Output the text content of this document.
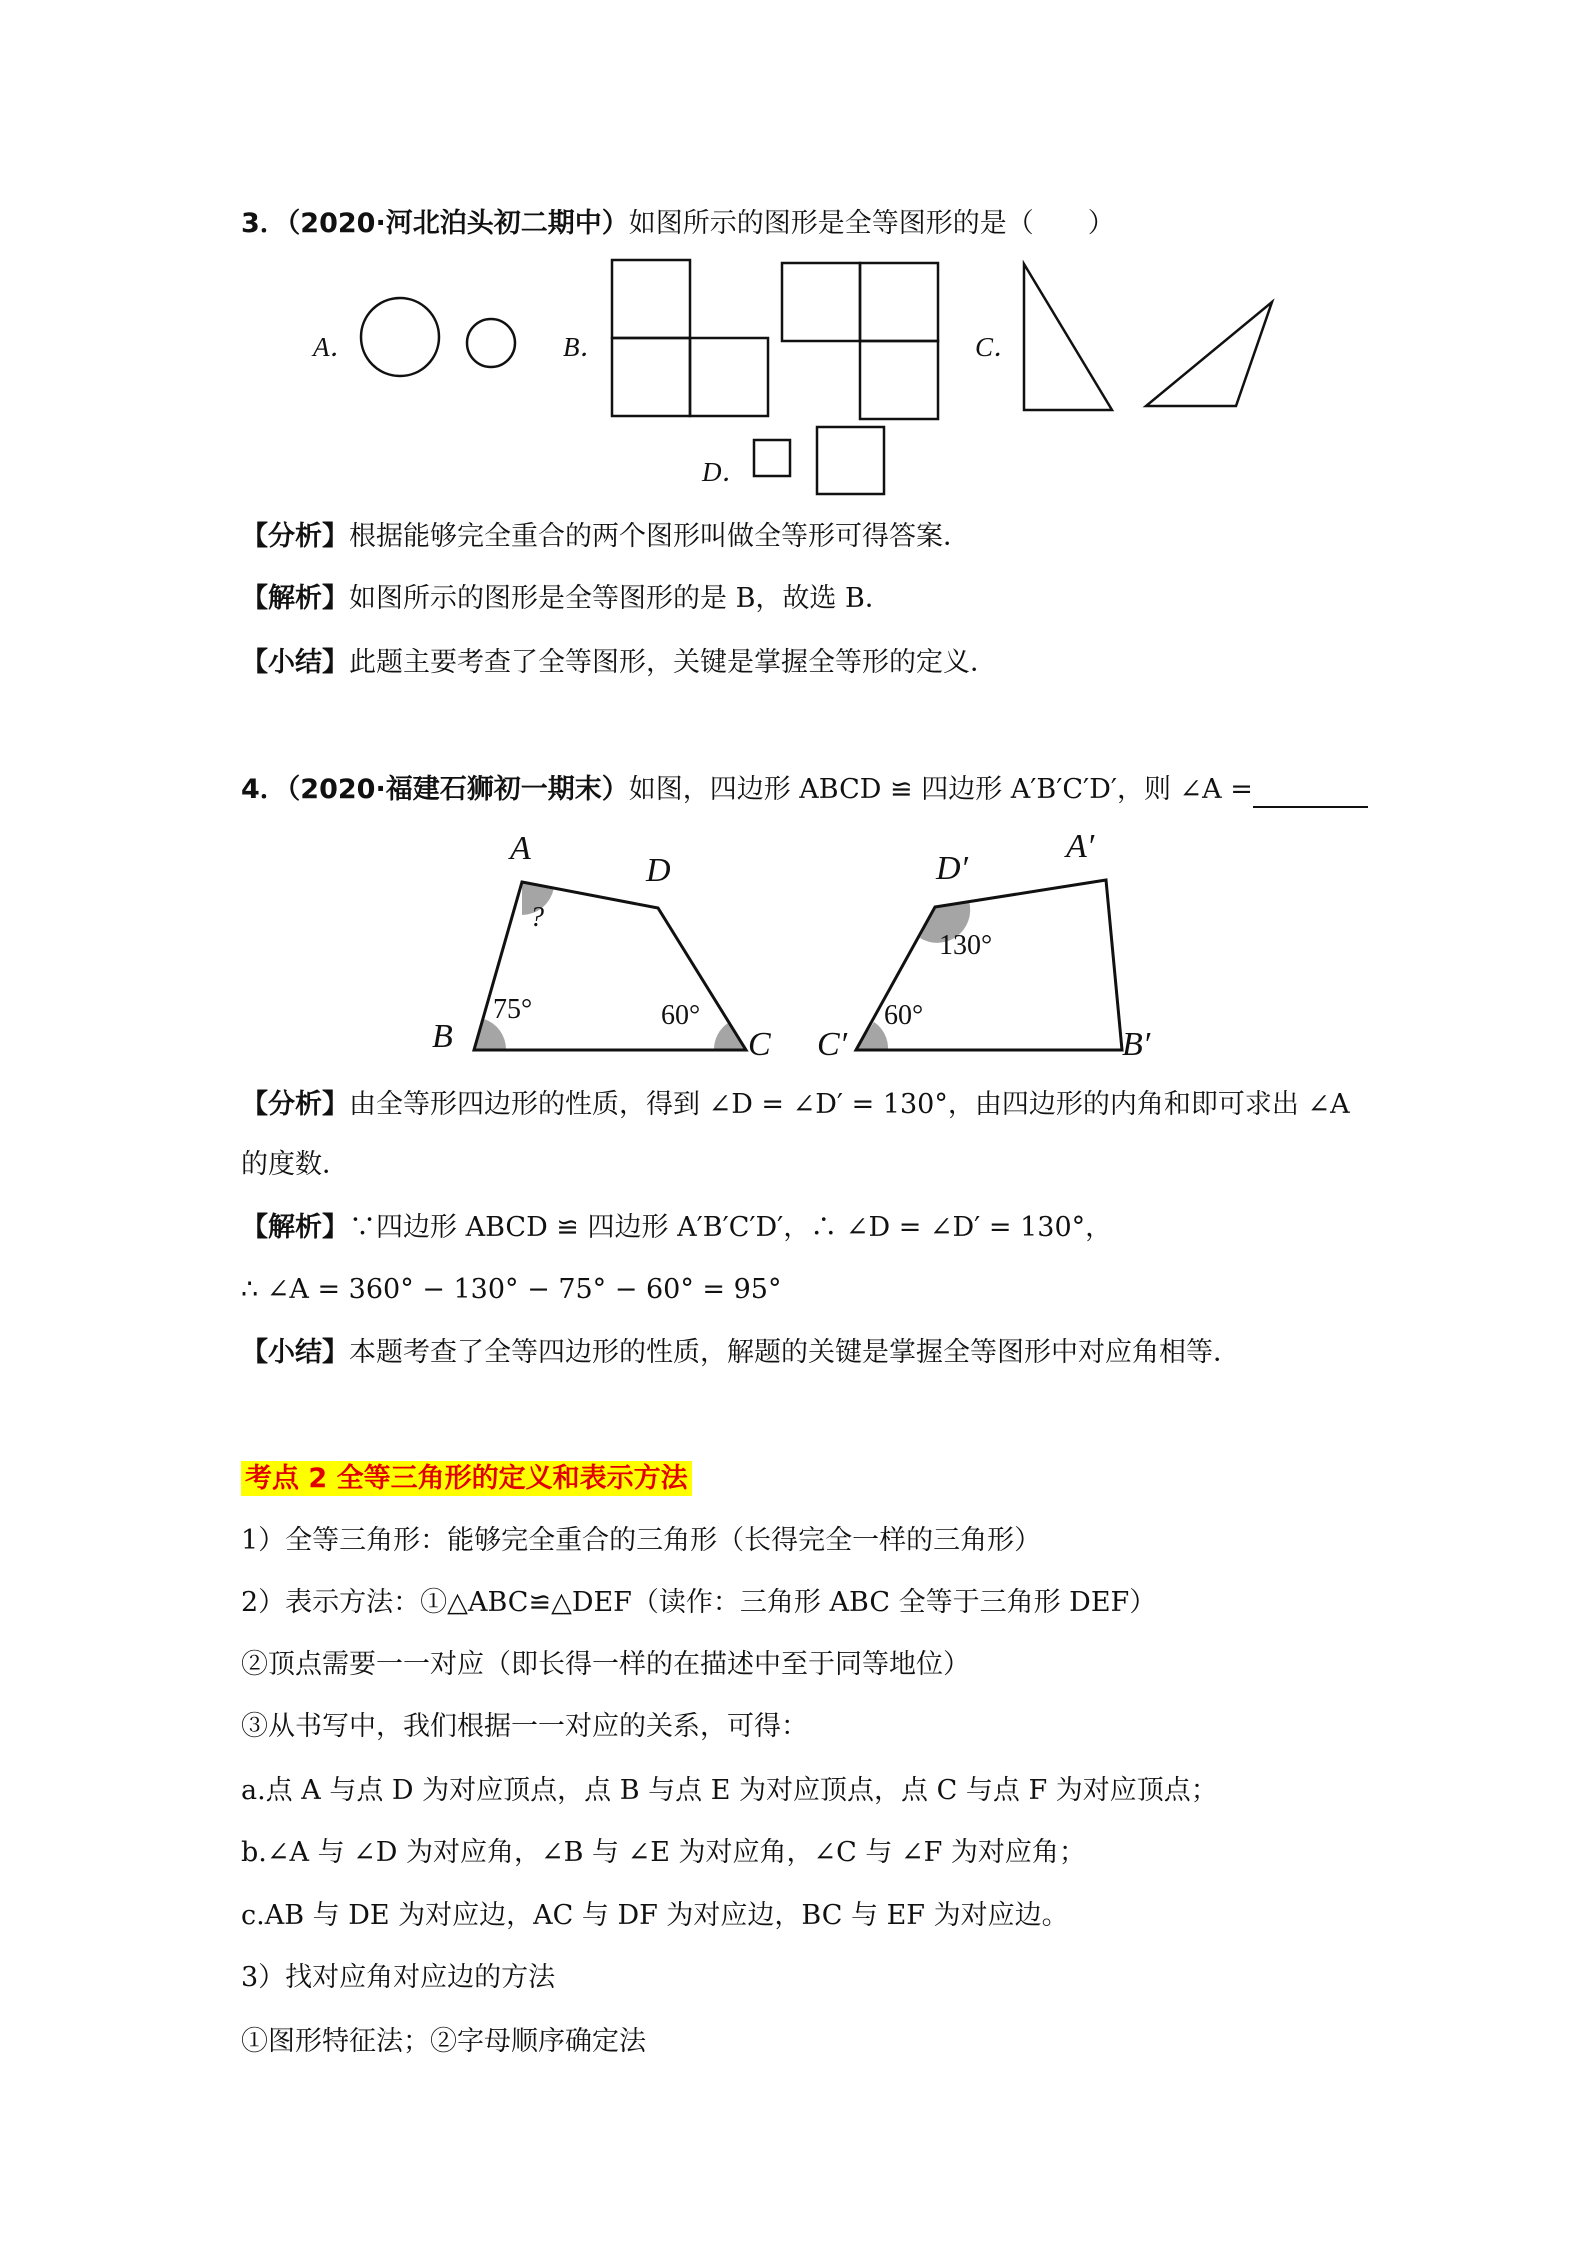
3．（2020·河北泊头初二期中）如图所示的图形是全等图形的是（　　）
A．	B．	C．
D．
【分析】根据能够完全重合的两个图形叫做全等形可得答案．
【解析】如图所示的图形是全等图形的是 B，故选 B．
【小结】此题主要考查了全等图形，关键是掌握全等形的定义．
4．（2020·福建石狮初一期末）如图，四边形 ABCD ≌ 四边形 A′B′C′D′，则 ∠A =
A
D
B	C
?
75°	60°
D′
A′
C′	B′
130°
60°
【分析】由全等形四边形的性质，得到 ∠D = ∠D′ = 130°，由四边形的内角和即可求出 ∠A
的度数．
【解析】∵四边形 ABCD ≌ 四边形 A′B′C′D′，∴ ∠D = ∠D′ = 130°，
∴ ∠A = 360° − 130° − 75° − 60° = 95°
【小结】本题考查了全等四边形的性质，解题的关键是掌握全等图形中对应角相等．
考点 2 全等三角形的定义和表示方法
1）全等三角形：能够完全重合的三角形（长得完全一样的三角形）
2）表示方法：①△ABC≌△DEF（读作：三角形 ABC 全等于三角形 DEF）
②顶点需要一一对应（即长得一样的在描述中至于同等地位）
③从书写中，我们根据一一对应的关系，可得：
a.点 A 与点 D 为对应顶点，点 B 与点 E 为对应顶点，点 C 与点 F 为对应顶点；
b.∠A 与 ∠D 为对应角，∠B 与 ∠E 为对应角，∠C 与 ∠F 为对应角；
c.AB 与 DE 为对应边，AC 与 DF 为对应边，BC 与 EF 为对应边。
3）找对应角对应边的方法
①图形特征法；②字母顺序确定法
